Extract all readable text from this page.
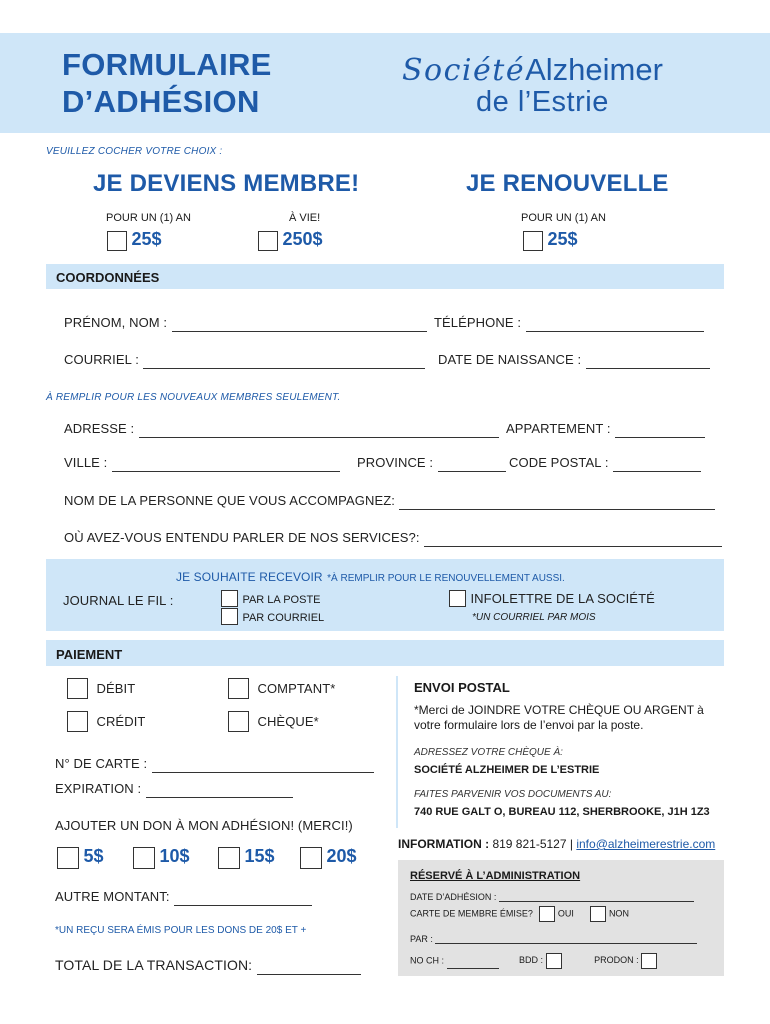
FORMULAIRE
D’ADHÉSION
SociétéAlzheimer
de l’Estrie
VEUILLEZ COCHER VOTRE CHOIX :
JE DEVIENS MEMBRE!	JE RENOUVELLE
POUR UN (1) AN
25$
À VIE!
250$
POUR UN (1) AN
25$
COORDONNÉES
PRÉNOM, NOM :	TÉLÉPHONE :
COURRIEL :	DATE DE NAISSANCE :
À REMPLIR POUR LES NOUVEAUX MEMBRES SEULEMENT.
ADRESSE :	APPARTEMENT :
VILLE :	PROVINCE :	CODE POSTAL :
NOM DE LA PERSONNE QUE VOUS ACCOMPAGNEZ:
OÙ AVEZ-VOUS ENTENDU PARLER DE NOS SERVICES?:
JE SOUHAITE RECEVOIR *À REMPLIR POUR LE RENOUVELLEMENT AUSSI.
JOURNAL LE FIL :	PAR LA POSTE
PAR COURRIEL
INFOLETTRE DE LA SOCIÉTÉ
*UN COURRIEL PAR MOIS
PAIEMENT
DÉBIT	COMPTANT*
CRÉDIT	CHÈQUE*
N° DE CARTE :
EXPIRATION :
AJOUTER UN DON À MON ADHÉSION! (MERCI!)
5$	10$	15$	20$
AUTRE MONTANT:
*UN REÇU SERA ÉMIS POUR LES DONS DE 20$ ET +
TOTAL DE LA TRANSACTION:
ENVOI POSTAL
*Merci de JOINDRE VOTRE CHÈQUE OU ARGENT à
votre formulaire lors de l’envoi par la poste.
ADRESSEZ VOTRE CHÈQUE À:
SOCIÉTÉ ALZHEIMER DE L’ESTRIE
FAITES PARVENIR VOS DOCUMENTS AU:
740 RUE GALT O, BUREAU 112, SHERBROOKE, J1H 1Z3
INFORMATION : 819 821-5127 | info@alzheimerestrie.com
RÉSERVÉ À L’ADMINISTRATION
DATE D’ADHÉSION :
CARTE DE MEMBRE ÉMISE?	OUI	NON
PAR :
NO CH :	BDD :	PRODON :
